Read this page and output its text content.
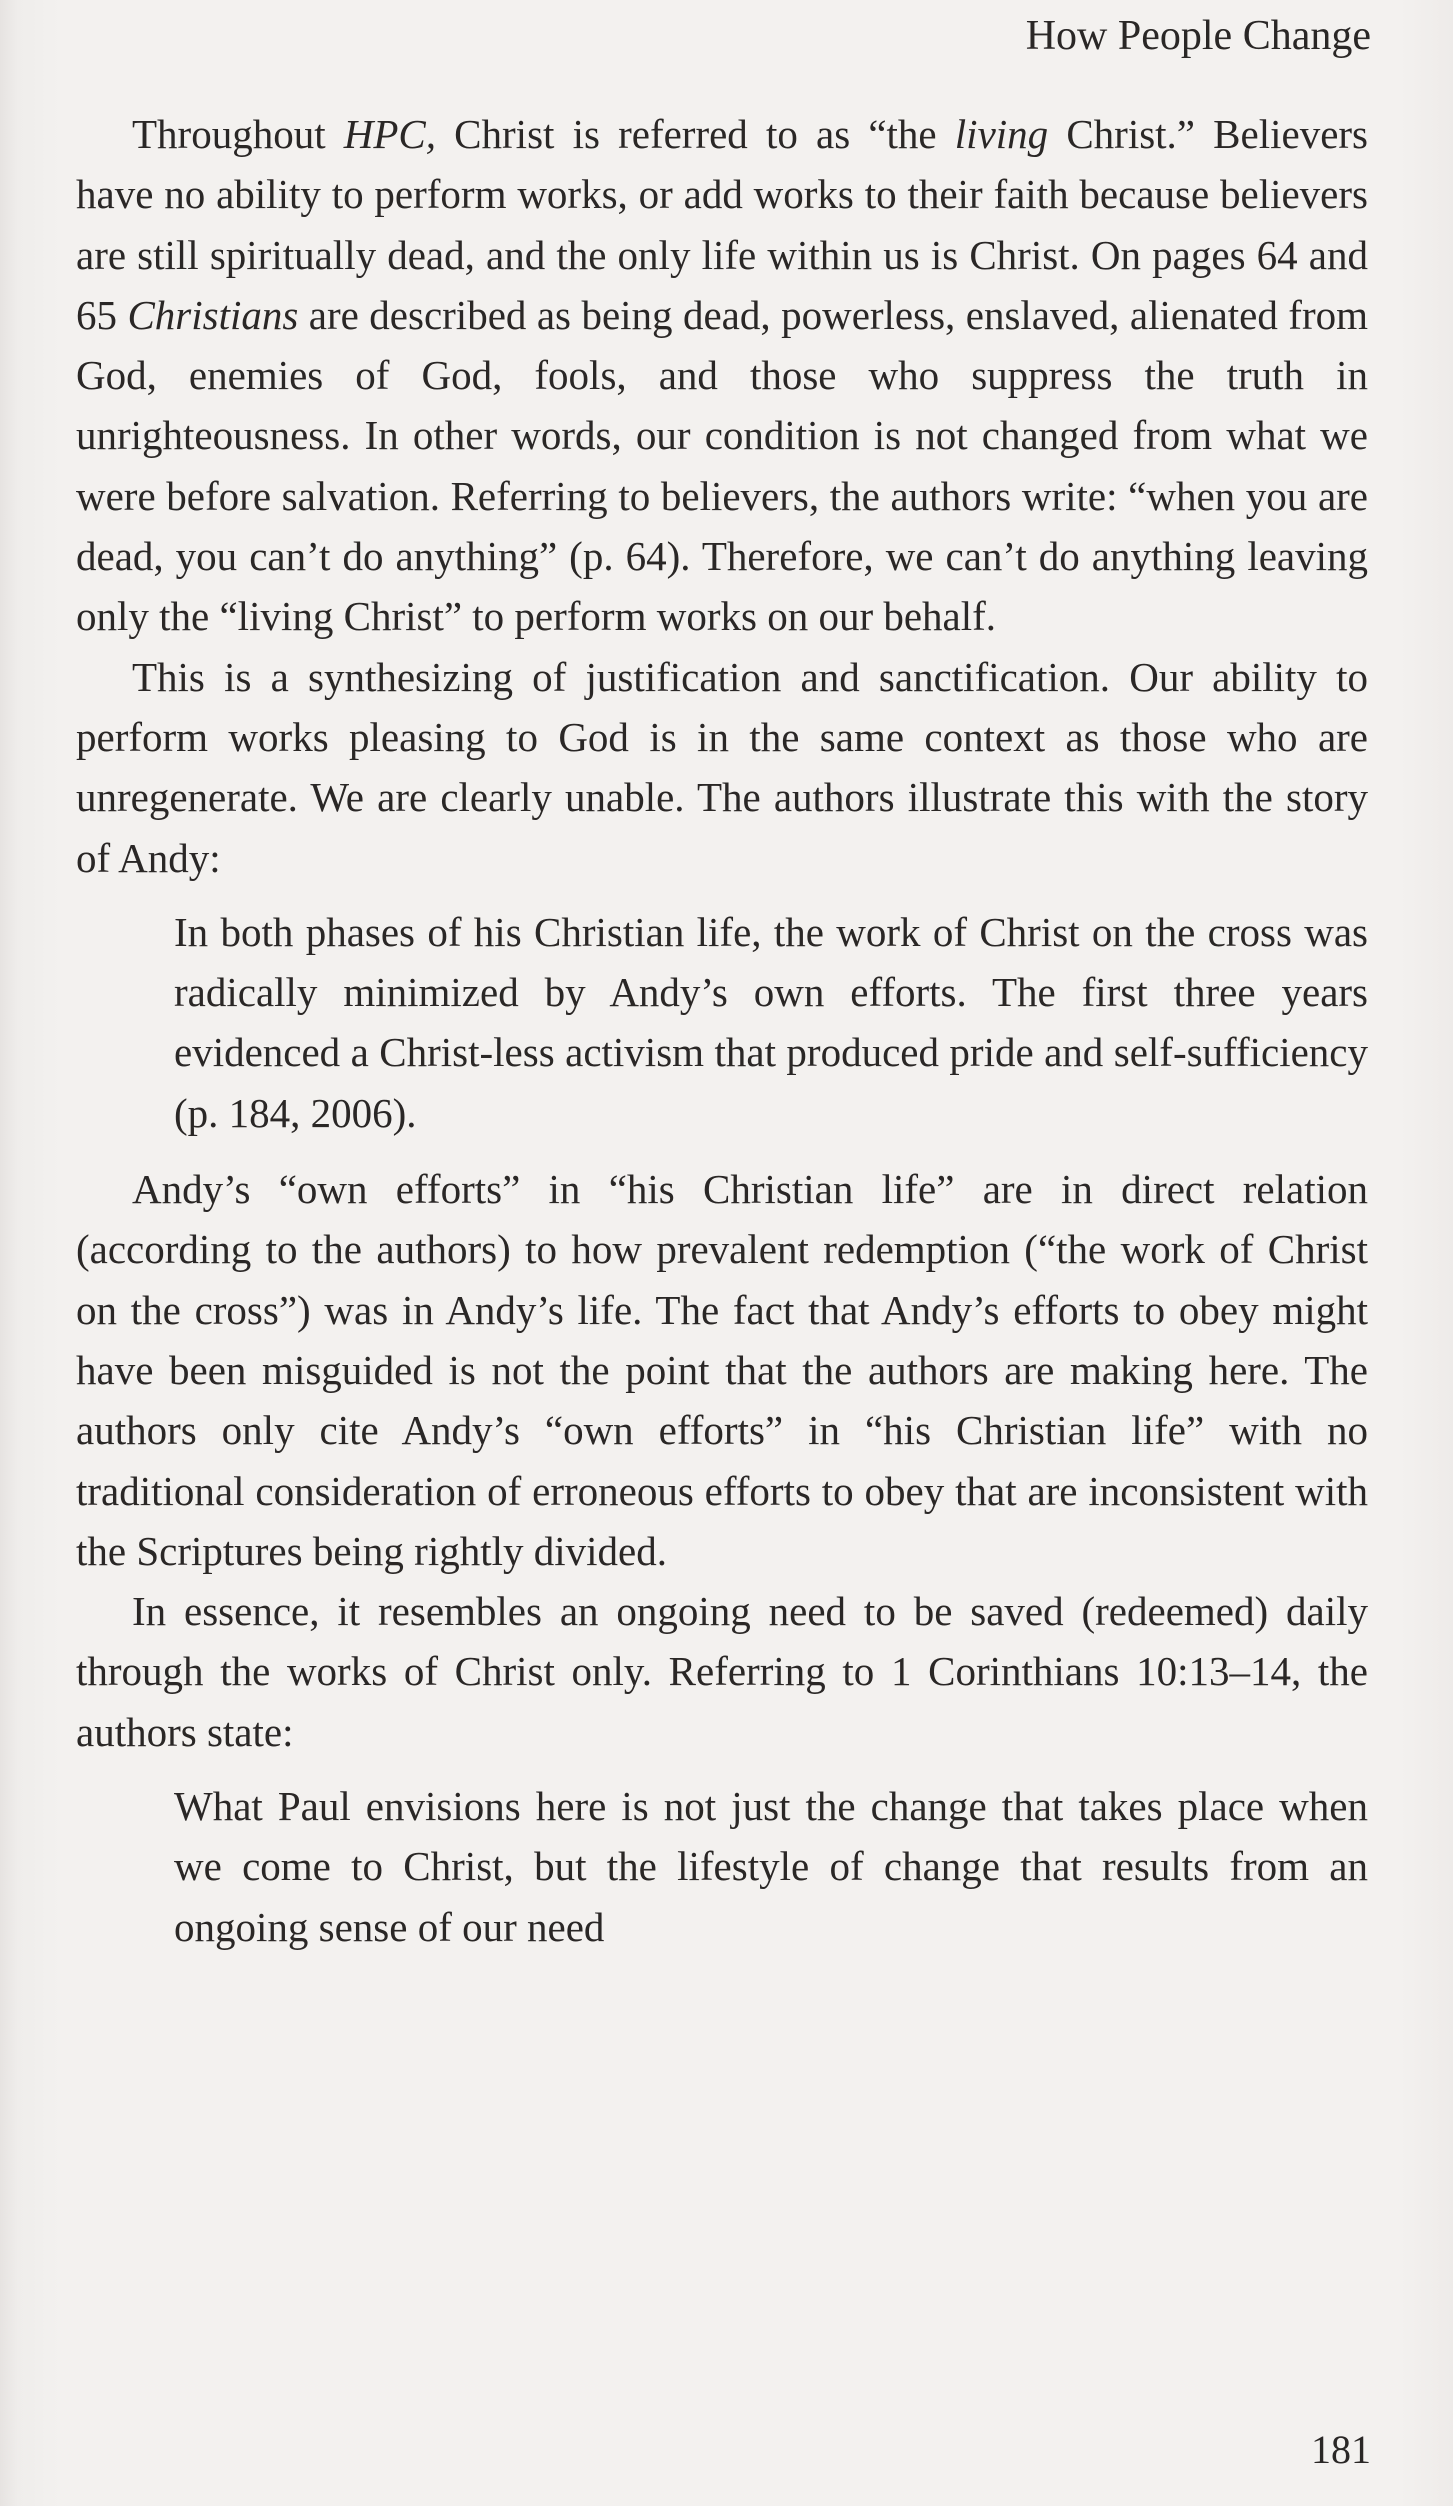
How People Change

Throughout HPC, Christ is referred to as “the living Christ.” Believers have no ability to perform works, or add works to their faith because believers are still spiritually dead, and the only life within us is Christ. On pages 64 and 65 Christians are described as being dead, powerless, enslaved, alienated from God, enemies of God, fools, and those who suppress the truth in unrighteousness. In other words, our condition is not changed from what we were before salvation. Referring to believers, the authors write: “when you are dead, you can’t do anything” (p. 64). Therefore, we can’t do anything leaving only the “living Christ” to perform works on our behalf.

This is a synthesizing of justification and sanctification. Our ability to perform works pleasing to God is in the same context as those who are unregenerate. We are clearly unable. The authors illustrate this with the story of Andy:

In both phases of his Christian life, the work of Christ on the cross was radically minimized by Andy’s own efforts. The first three years evidenced a Christ-less activism that produced pride and self-sufficiency (p. 184, 2006).

Andy’s “own efforts” in “his Christian life” are in direct relation (according to the authors) to how prevalent redemption (“the work of Christ on the cross”) was in Andy’s life. The fact that Andy’s efforts to obey might have been misguided is not the point that the authors are making here. The authors only cite Andy’s “own efforts” in “his Christian life” with no traditional consideration of erroneous efforts to obey that are inconsistent with the Scriptures being rightly divided.

In essence, it resembles an ongoing need to be saved (redeemed) daily through the works of Christ only. Referring to 1 Corinthians 10:13–14, the authors state:

What Paul envisions here is not just the change that takes place when we come to Christ, but the lifestyle of change that results from an ongoing sense of our need
181
